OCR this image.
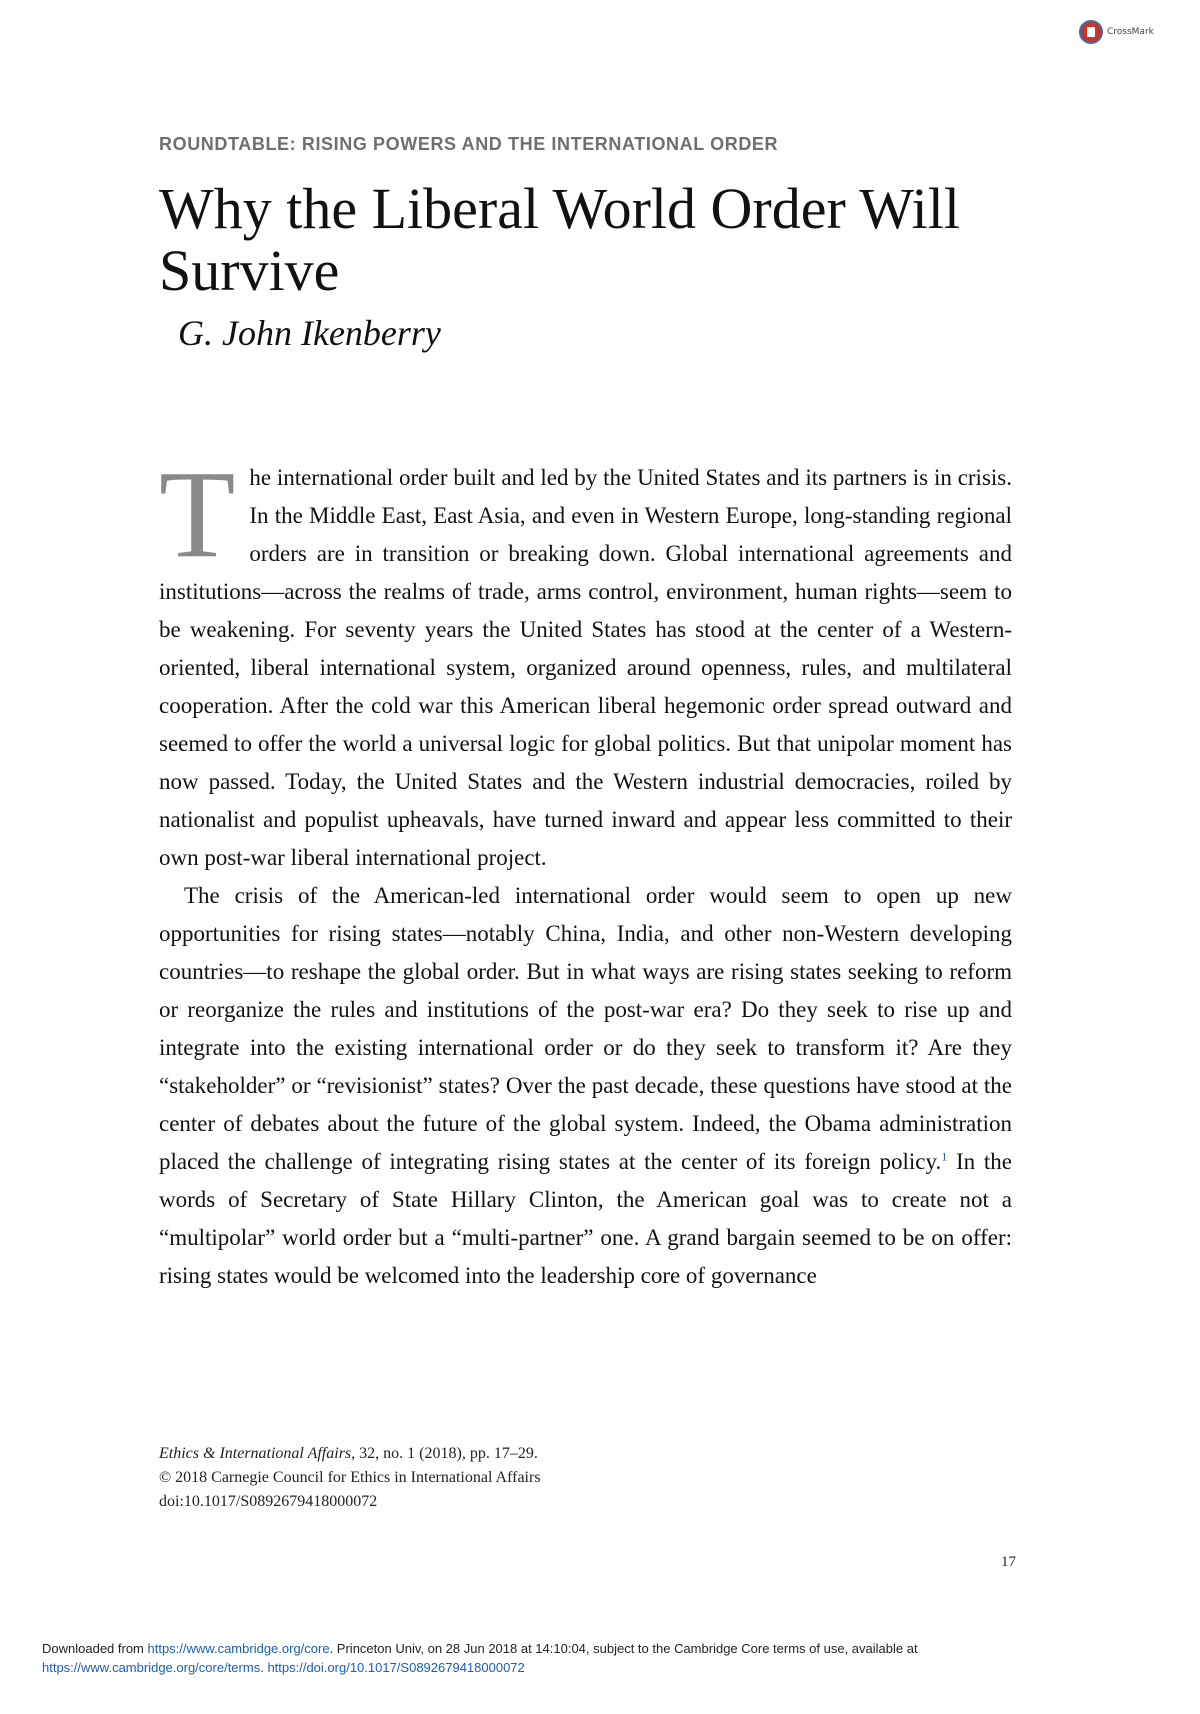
CrossMark
ROUNDTABLE: RISING POWERS AND THE INTERNATIONAL ORDER
Why the Liberal World Order Will Survive
G. John Ikenberry

The international order built and led by the United States and its partners is in crisis. In the Middle East, East Asia, and even in Western Europe, long-standing regional orders are in transition or breaking down. Global international agreements and institutions—across the realms of trade, arms control, environment, human rights—seem to be weakening. For seventy years the United States has stood at the center of a Western-oriented, liberal international system, organized around openness, rules, and multilateral cooperation. After the cold war this American liberal hegemonic order spread outward and seemed to offer the world a universal logic for global politics. But that unipolar moment has now passed. Today, the United States and the Western industrial democracies, roiled by nationalist and populist upheavals, have turned inward and appear less committed to their own post-war liberal international project.

The crisis of the American-led international order would seem to open up new opportunities for rising states—notably China, India, and other non-Western developing countries—to reshape the global order. But in what ways are rising states seeking to reform or reorganize the rules and institutions of the post-war era? Do they seek to rise up and integrate into the existing international order or do they seek to transform it? Are they “stakeholder” or “revisionist” states? Over the past decade, these questions have stood at the center of debates about the future of the global system. Indeed, the Obama administration placed the challenge of integrating rising states at the center of its foreign policy.$^1$ In the words of Secretary of State Hillary Clinton, the American goal was to create not a “multipolar” world order but a “multi-partner” one. A grand bargain seemed to be on offer: rising states would be welcomed into the leadership core of governance

Ethics & International Affairs, 32, no. 1 (2018), pp. 17–29.
© 2018 Carnegie Council for Ethics in International Affairs
doi:10.1017/S0892679418000072
17
Downloaded from https://www.cambridge.org/core. Princeton Univ, on 28 Jun 2018 at 14:10:04, subject to the Cambridge Core terms of use, available at
https://www.cambridge.org/core/terms. https://doi.org/10.1017/S0892679418000072
